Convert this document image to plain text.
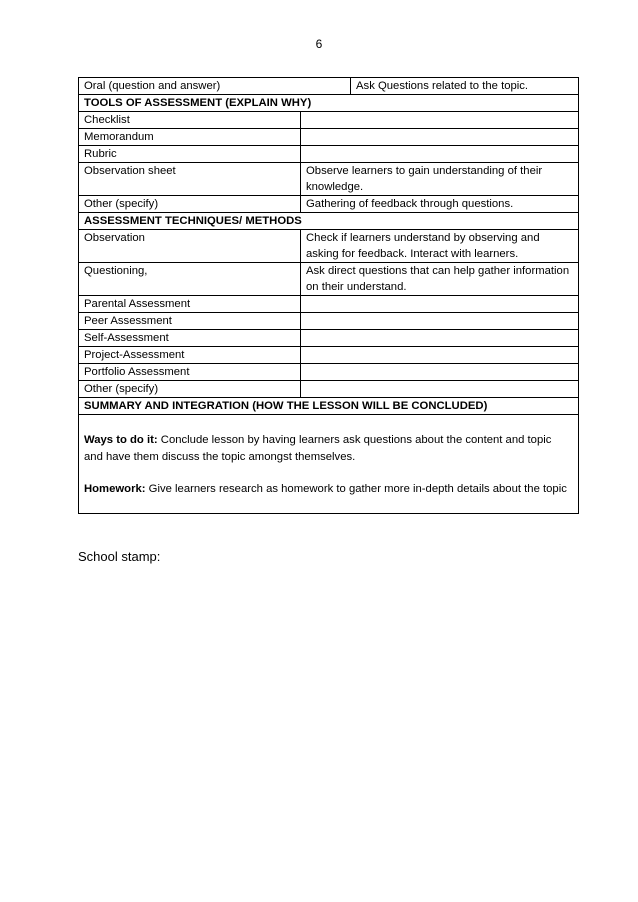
6
Oral (question and answer)		Ask Questions related to the topic.
TOOLS OF ASSESSMENT (EXPLAIN WHY)		
Checklist		
Memorandum		
Rubric		
Observation sheet	Observe learners to gain understanding of their knowledge.	
Other (specify)	Gathering of feedback through questions.	
ASSESSMENT TECHNIQUES/ METHODS		
Observation	Check if learners understand by observing and asking for feedback. Interact with learners.	
Questioning,	Ask direct questions that can help gather information on their understand.	
Parental Assessment		
Peer Assessment		
Self-Assessment		
Project-Assessment		
Portfolio Assessment		
Other (specify)		
SUMMARY AND INTEGRATION (HOW THE LESSON WILL BE CONCLUDED)		

Ways to do it: Conclude lesson by having learners ask questions about the content and topic and have them discuss the topic amongst themselves.

Homework: Give learners research as homework to gather more in-depth details about the topic		

School stamp:
